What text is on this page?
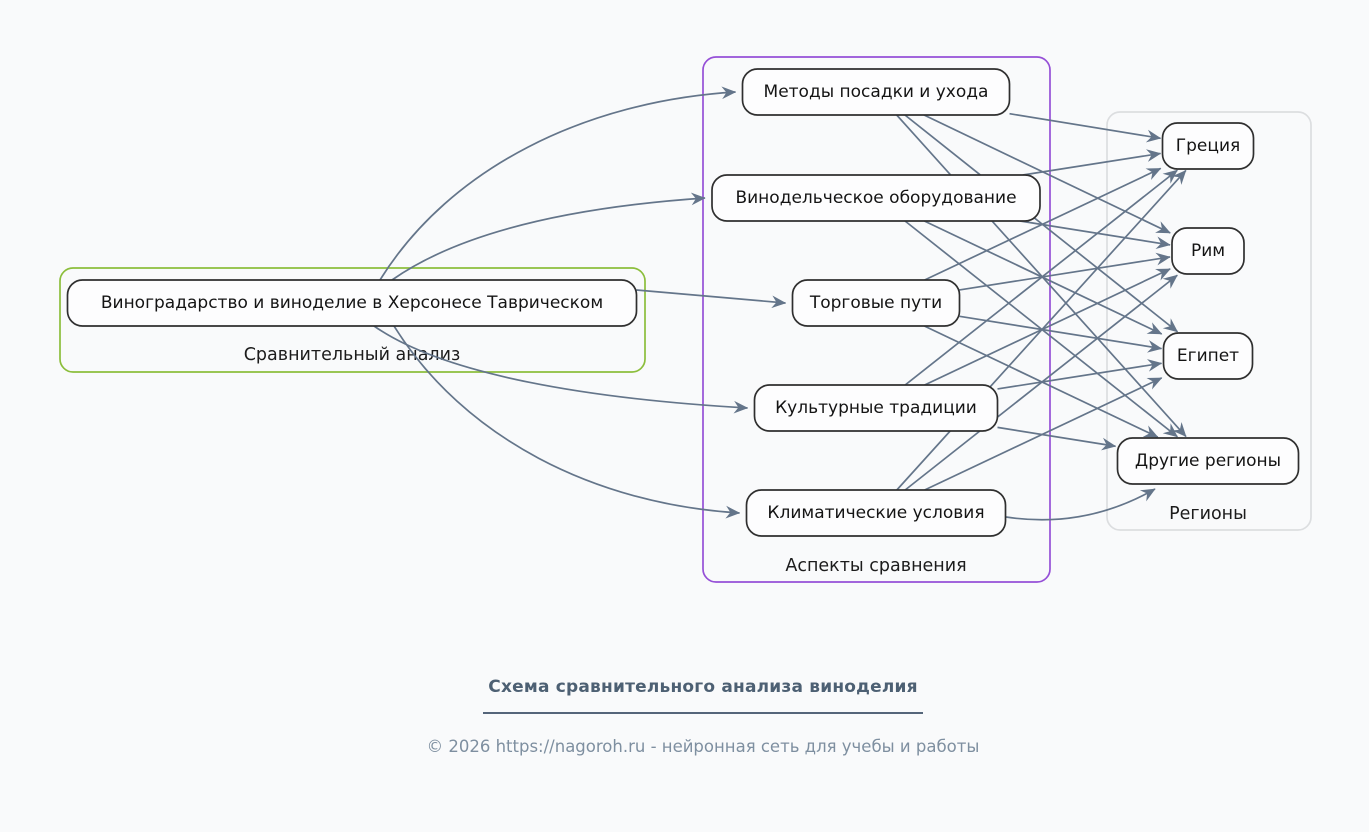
Сравнительный анализ
Аспекты сравнения
Регионы
Виноградарство и виноделие в Херсонесе Таврическом
Методы посадки и ухода
Винодельческое оборудование
Торговые пути
Культурные традиции
Климатические условия
Греция
Рим
Египет
Другие регионы
Схема сравнительного анализа виноделия
© 2026 https://nagoroh.ru - нейронная сеть для учебы и работы
